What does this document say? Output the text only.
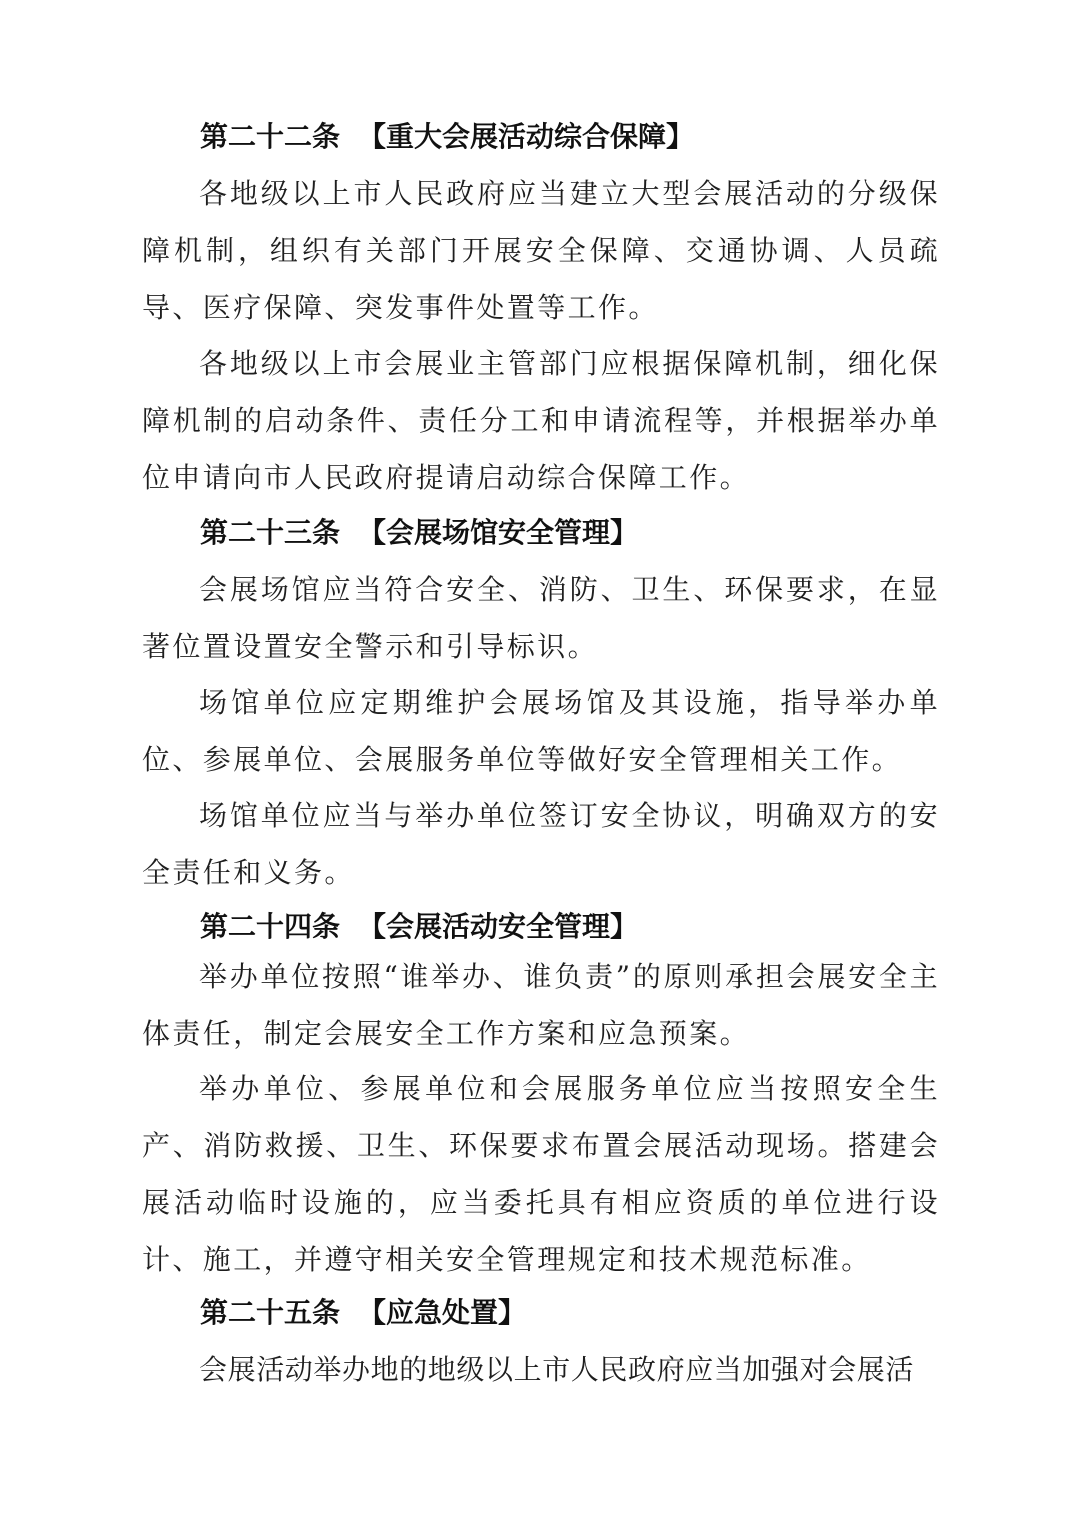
第二十二条 【重大会展活动综合保障】

各地级以上市人民政府应当建立大型会展活动的分级保障机制，组织有关部门开展安全保障、交通协调、人员疏导、医疗保障、突发事件处置等工作。

各地级以上市会展业主管部门应根据保障机制，细化保障机制的启动条件、责任分工和申请流程等，并根据举办单位申请向市人民政府提请启动综合保障工作。

第二十三条 【会展场馆安全管理】

会展场馆应当符合安全、消防、卫生、环保要求，在显著位置设置安全警示和引导标识。

场馆单位应定期维护会展场馆及其设施，指导举办单位、参展单位、会展服务单位等做好安全管理相关工作。

场馆单位应当与举办单位签订安全协议，明确双方的安全责任和义务。

第二十四条 【会展活动安全管理】

举办单位按照“谁举办、谁负责”的原则承担会展安全主体责任，制定会展安全工作方案和应急预案。

举办单位、参展单位和会展服务单位应当按照安全生产、消防救援、卫生、环保要求布置会展活动现场。搭建会展活动临时设施的，应当委托具有相应资质的单位进行设计、施工，并遵守相关安全管理规定和技术规范标准。

第二十五条 【应急处置】

会展活动举办地的地级以上市人民政府应当加强对会展活
